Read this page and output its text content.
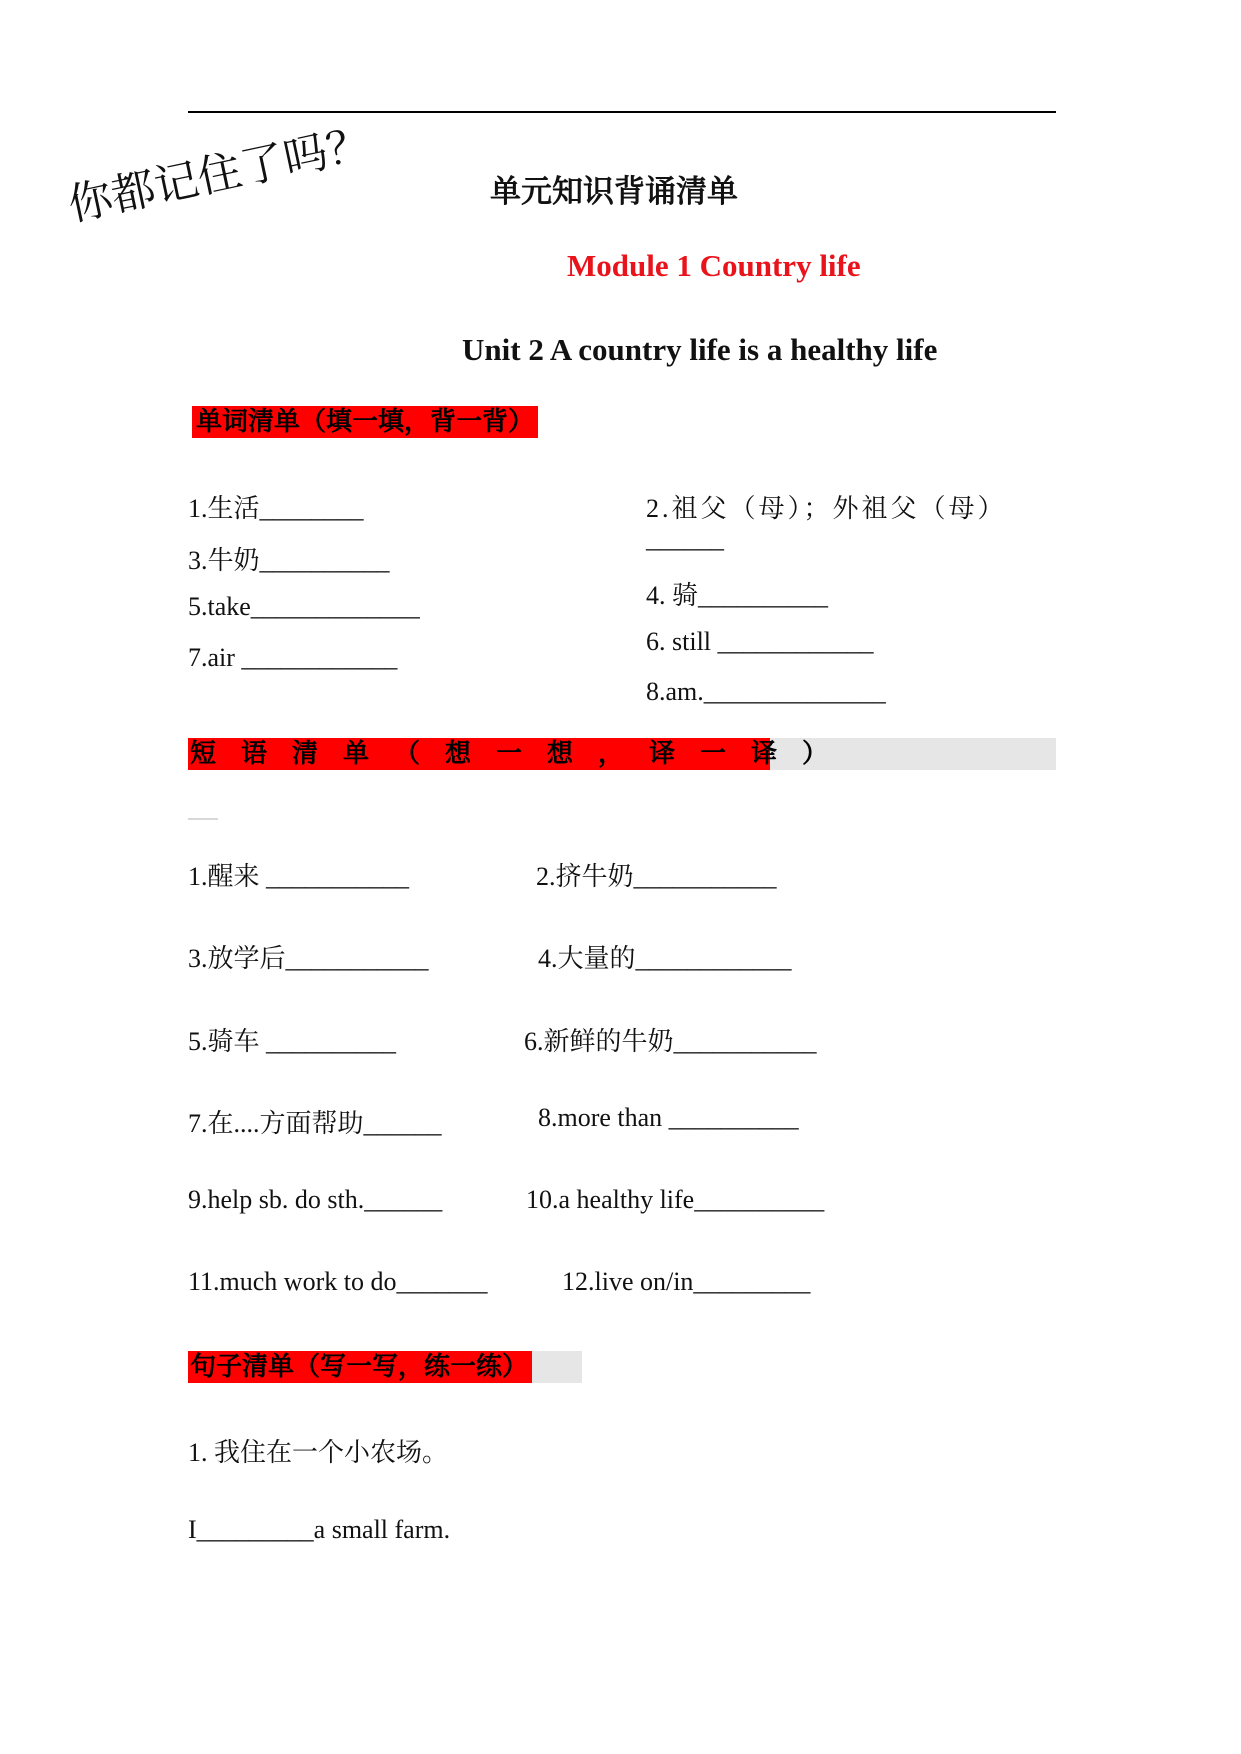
你都记住了吗？	单元知识背诵清单
Module 1 Country life
Unit 2 A country life is a healthy life
单词清单（填一填，背一背）
1.生活________	2.祖父（母）；外祖父（母）
______
3.牛奶__________
4. 骑__________
5.take_____________
6. still ____________
7.air ____________
8.am.______________
短语清单（想一想，译一译）
1.醒来 ___________	2.挤牛奶___________
3.放学后___________	4.大量的____________
5.骑车 __________	6.新鲜的牛奶___________
7.在....方面帮助______	8.more than __________
9.help sb. do sth.______	10.a healthy life__________
11.much work to do_______	12.live on/in_________
句子清单（写一写，练一练）
1. 我住在一个小农场。
I_________a small farm.
